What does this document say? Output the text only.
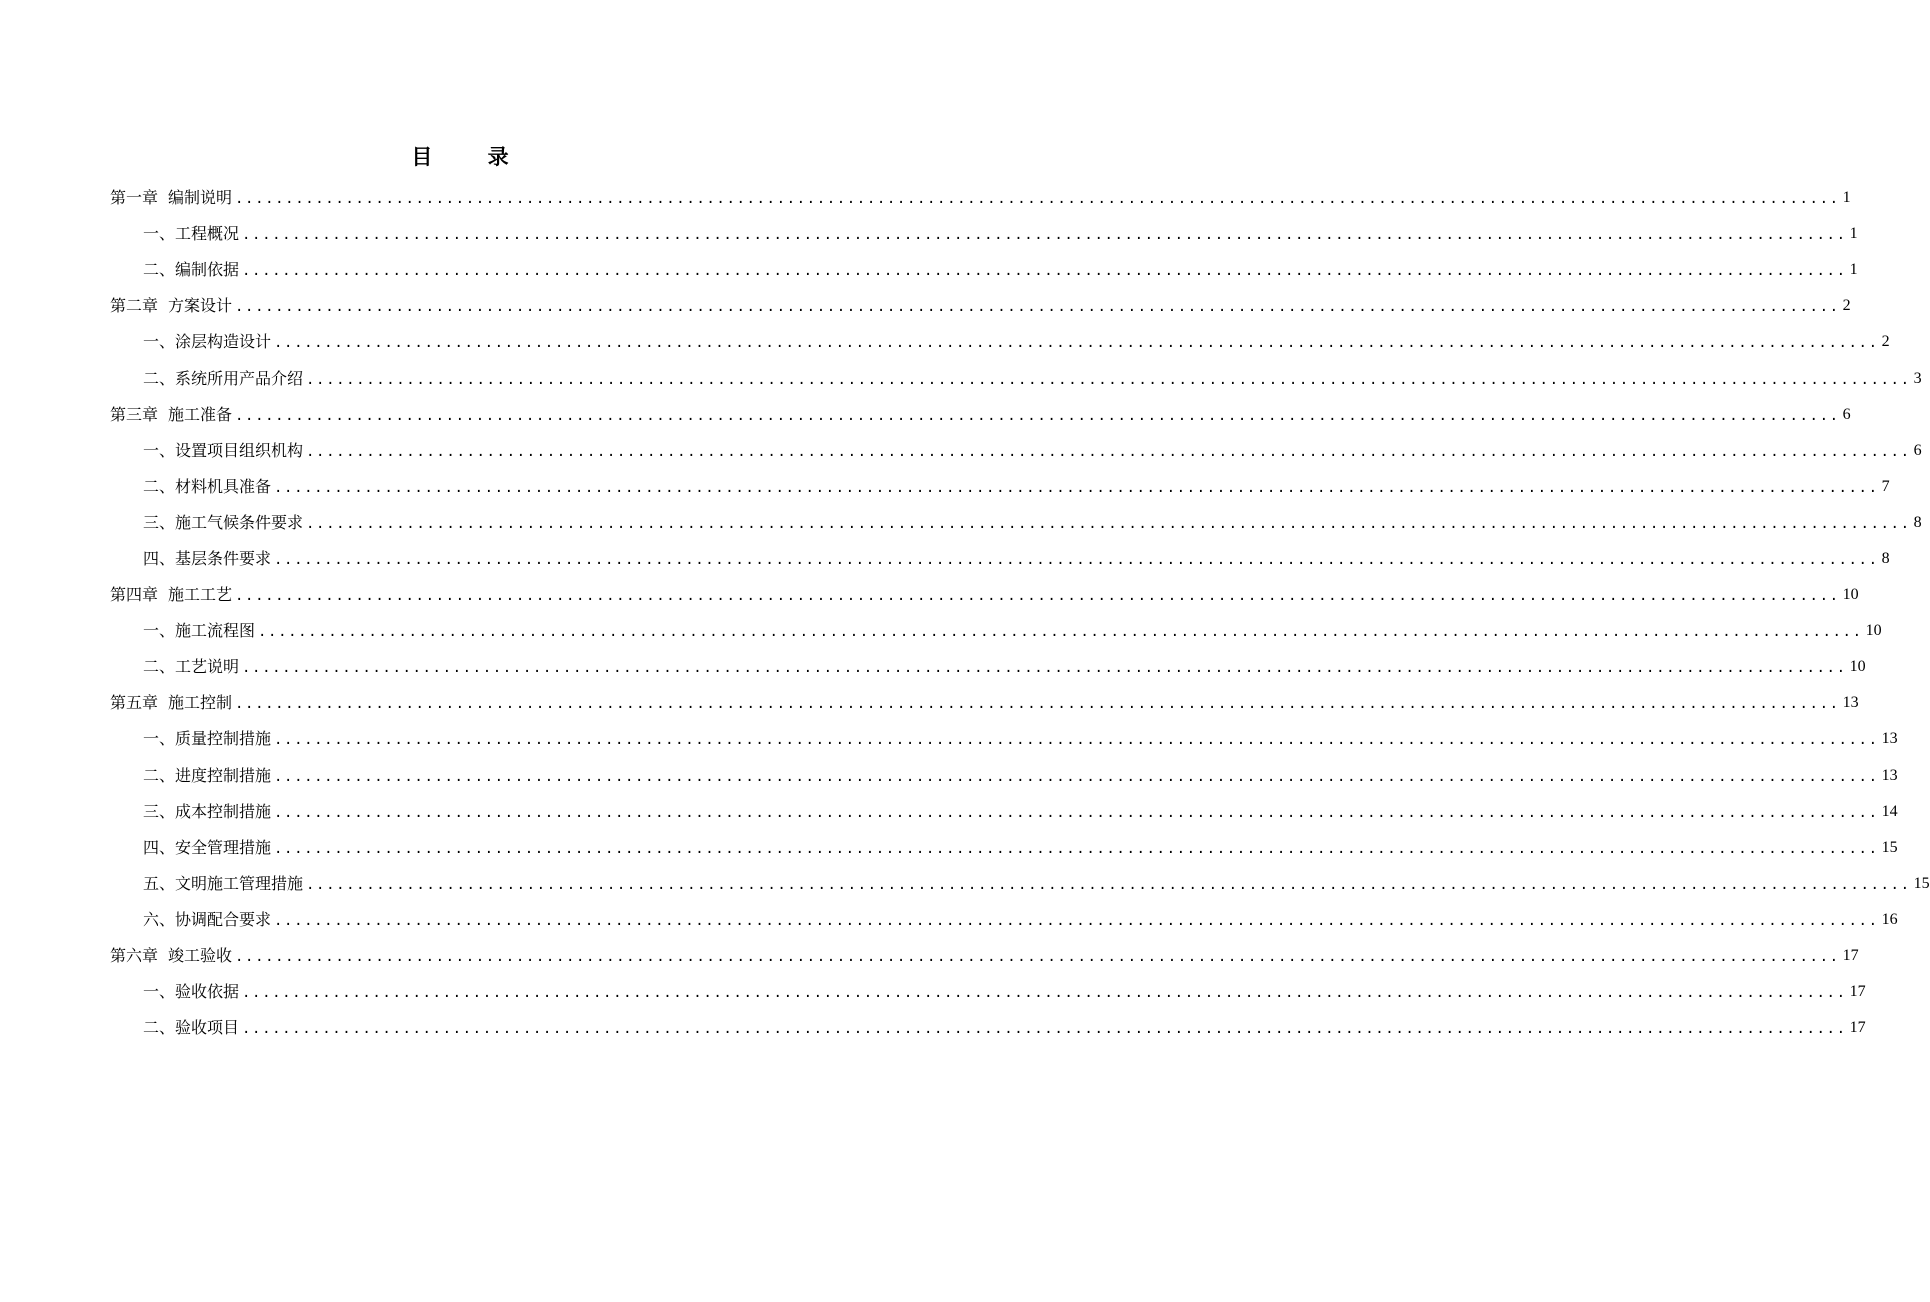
目 录
第一章 编制说明 ................................................................................................................................................................ 1
一、工程概况 ................................................................................................................................................................ 1
二、编制依据 ................................................................................................................................................................ 1
第二章 方案设计 ................................................................................................................................................................ 2
一、涂层构造设计 ................................................................................................................................................................ 2
二、系统所用产品介绍 ................................................................................................................................................................ 3
第三章 施工准备 ................................................................................................................................................................ 6
一、设置项目组织机构 ................................................................................................................................................................ 6
二、材料机具准备 ................................................................................................................................................................ 7
三、施工气候条件要求 ................................................................................................................................................................ 8
四、基层条件要求 ................................................................................................................................................................ 8
第四章 施工工艺 ................................................................................................................................................................ 10
一、施工流程图 ................................................................................................................................................................ 10
二、工艺说明 ................................................................................................................................................................ 10
第五章 施工控制 ................................................................................................................................................................ 13
一、质量控制措施 ................................................................................................................................................................ 13
二、进度控制措施 ................................................................................................................................................................ 13
三、成本控制措施 ................................................................................................................................................................ 14
四、安全管理措施 ................................................................................................................................................................ 15
五、文明施工管理措施 ................................................................................................................................................................ 15
六、协调配合要求 ................................................................................................................................................................ 16
第六章 竣工验收 ................................................................................................................................................................ 17
一、验收依据 ................................................................................................................................................................ 17
二、验收项目 ................................................................................................................................................................ 17
